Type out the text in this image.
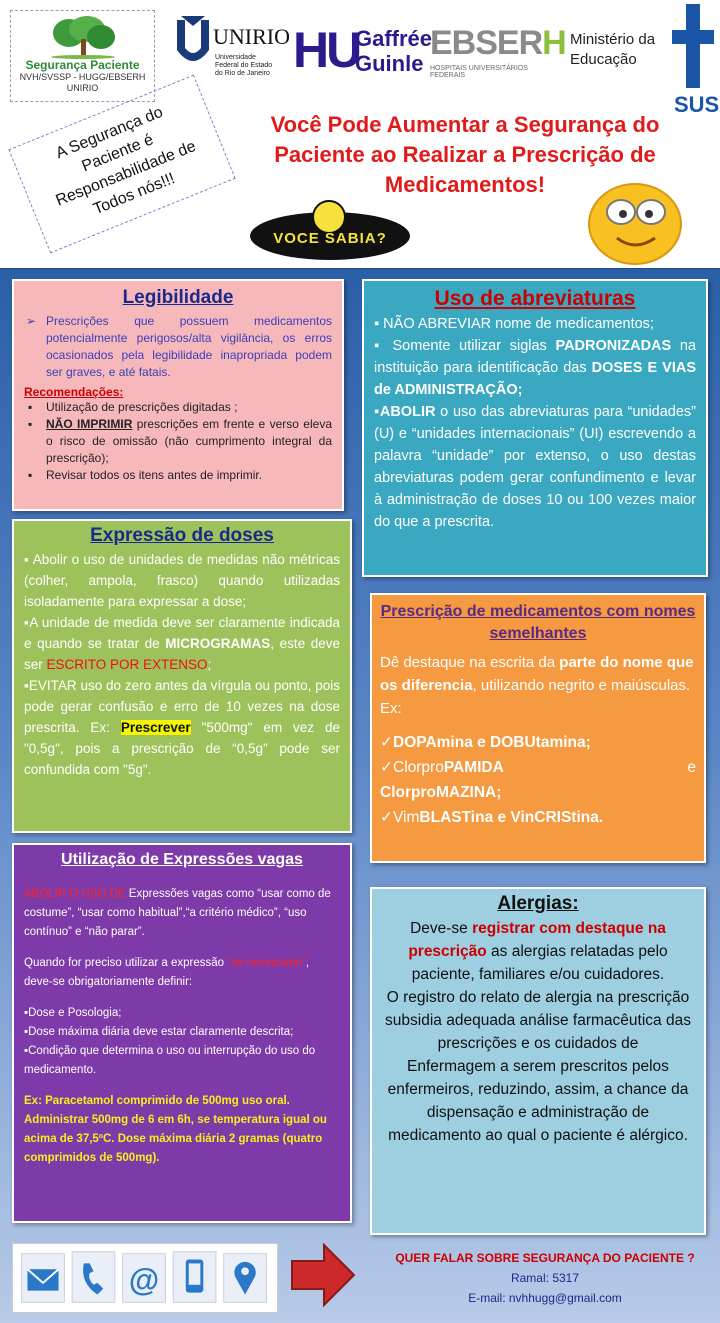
Segurança Paciente
NVH/SVSSP - HUGG/EBSERH
UNIRIO
UNIRIO
Universidade Federal do Estado do Rio de Janeiro HU
Gaffrée
Guinle
EBSERH
HOSPITAIS UNIVERSITÁRIOS FEDERAIS
Ministério da
Educação
SUS
A Segurança do Paciente é Responsabilidade de Todos nós!!!
Você Pode Aumentar a Segurança do
Paciente ao Realizar a Prescrição de
Medicamentos!
VOCE SABIA?
Legibilidade

➢ Prescrições que possuem medicamentos potencialmente perigosos/alta vigilância, os erros ocasionados pela legibilidade inapropriada podem ser graves, e até fatais.

Recomendações:
▪ Utilização de prescrições digitadas ;
▪ NÃO IMPRIMIR prescrições em frente e verso eleva o risco de omissão (não cumprimento integral da prescrição);
▪ Revisar todos os itens antes de imprimir.
Uso de abreviaturas

▪ NÃO ABREVIAR nome de medicamentos;

▪ Somente utilizar siglas PADRONIZADAS na instituição para identificação das DOSES E VIAS de ADMINISTRAÇÃO;

▪ABOLIR o uso das abreviaturas para “unidades” (U) e “unidades internacionais” (UI) escrevendo a palavra “unidade” por extenso, o uso destas abreviaturas podem gerar confundimento e levar à administração de doses 10 ou 100 vezes maior do que a prescrita.

Expressão de doses

▪ Abolir o uso de unidades de medidas não métricas (colher, ampola, frasco) quando utilizadas isoladamente para expressar a dose;

▪A unidade de medida deve ser claramente indicada e quando se tratar de MICROGRAMAS, este deve ser ESCRITO POR EXTENSO;

▪EVITAR uso do zero antes da vírgula ou ponto, pois pode gerar confusão e erro de 10 vezes na dose prescrita. Ex: Prescrever "500mg" em vez de "0,5g", pois a prescrição de “0,5g” pode ser confundida com "5g".

Prescrição de medicamentos com nomes semelhantes

Dê destaque na escrita da parte do nome que os diferencia, utilizando negrito e maiúsculas. Ex:

✓DOPAmina e DOBUtamina;
✓ClorproPAMIDA	e
ClorproMAZINA;
✓VimBLASTina e VinCRIStina.
Utilização de Expressões vagas

ABOLIR O USO DE Expressões vagas como “usar como de costume”, “usar como habitual”,“a critério médico”, “uso contínuo” e “não parar”.

Quando for preciso utilizar a expressão “se necessário”, deve-se obrigatoriamente definir:

▪Dose e Posologia;

▪Dose máxima diária deve estar claramente descrita;

▪Condição que determina o uso ou interrupção do uso do medicamento.

Ex: Paracetamol comprimido de 500mg uso oral. Administrar 500mg de 6 em 6h, se temperatura igual ou acima de 37,5ºC. Dose máxima diária 2 gramas (quatro comprimidos de 500mg).

Alergias:

Deve-se registrar com destaque na prescrição as alergias relatadas pelo paciente, familiares e/ou cuidadores.

O registro do relato de alergia na prescrição subsidia adequada análise farmacêutica das prescrições e os cuidados de

Enfermagem a serem prescritos pelos enfermeiros, reduzindo, assim, a chance da dispensação e administração de medicamento ao qual o paciente é alérgico.

@
QUER FALAR SOBRE SEGURANÇA DO PACIENTE ?
Ramal: 5317
E-mail: nvhhugg@gmail.com
